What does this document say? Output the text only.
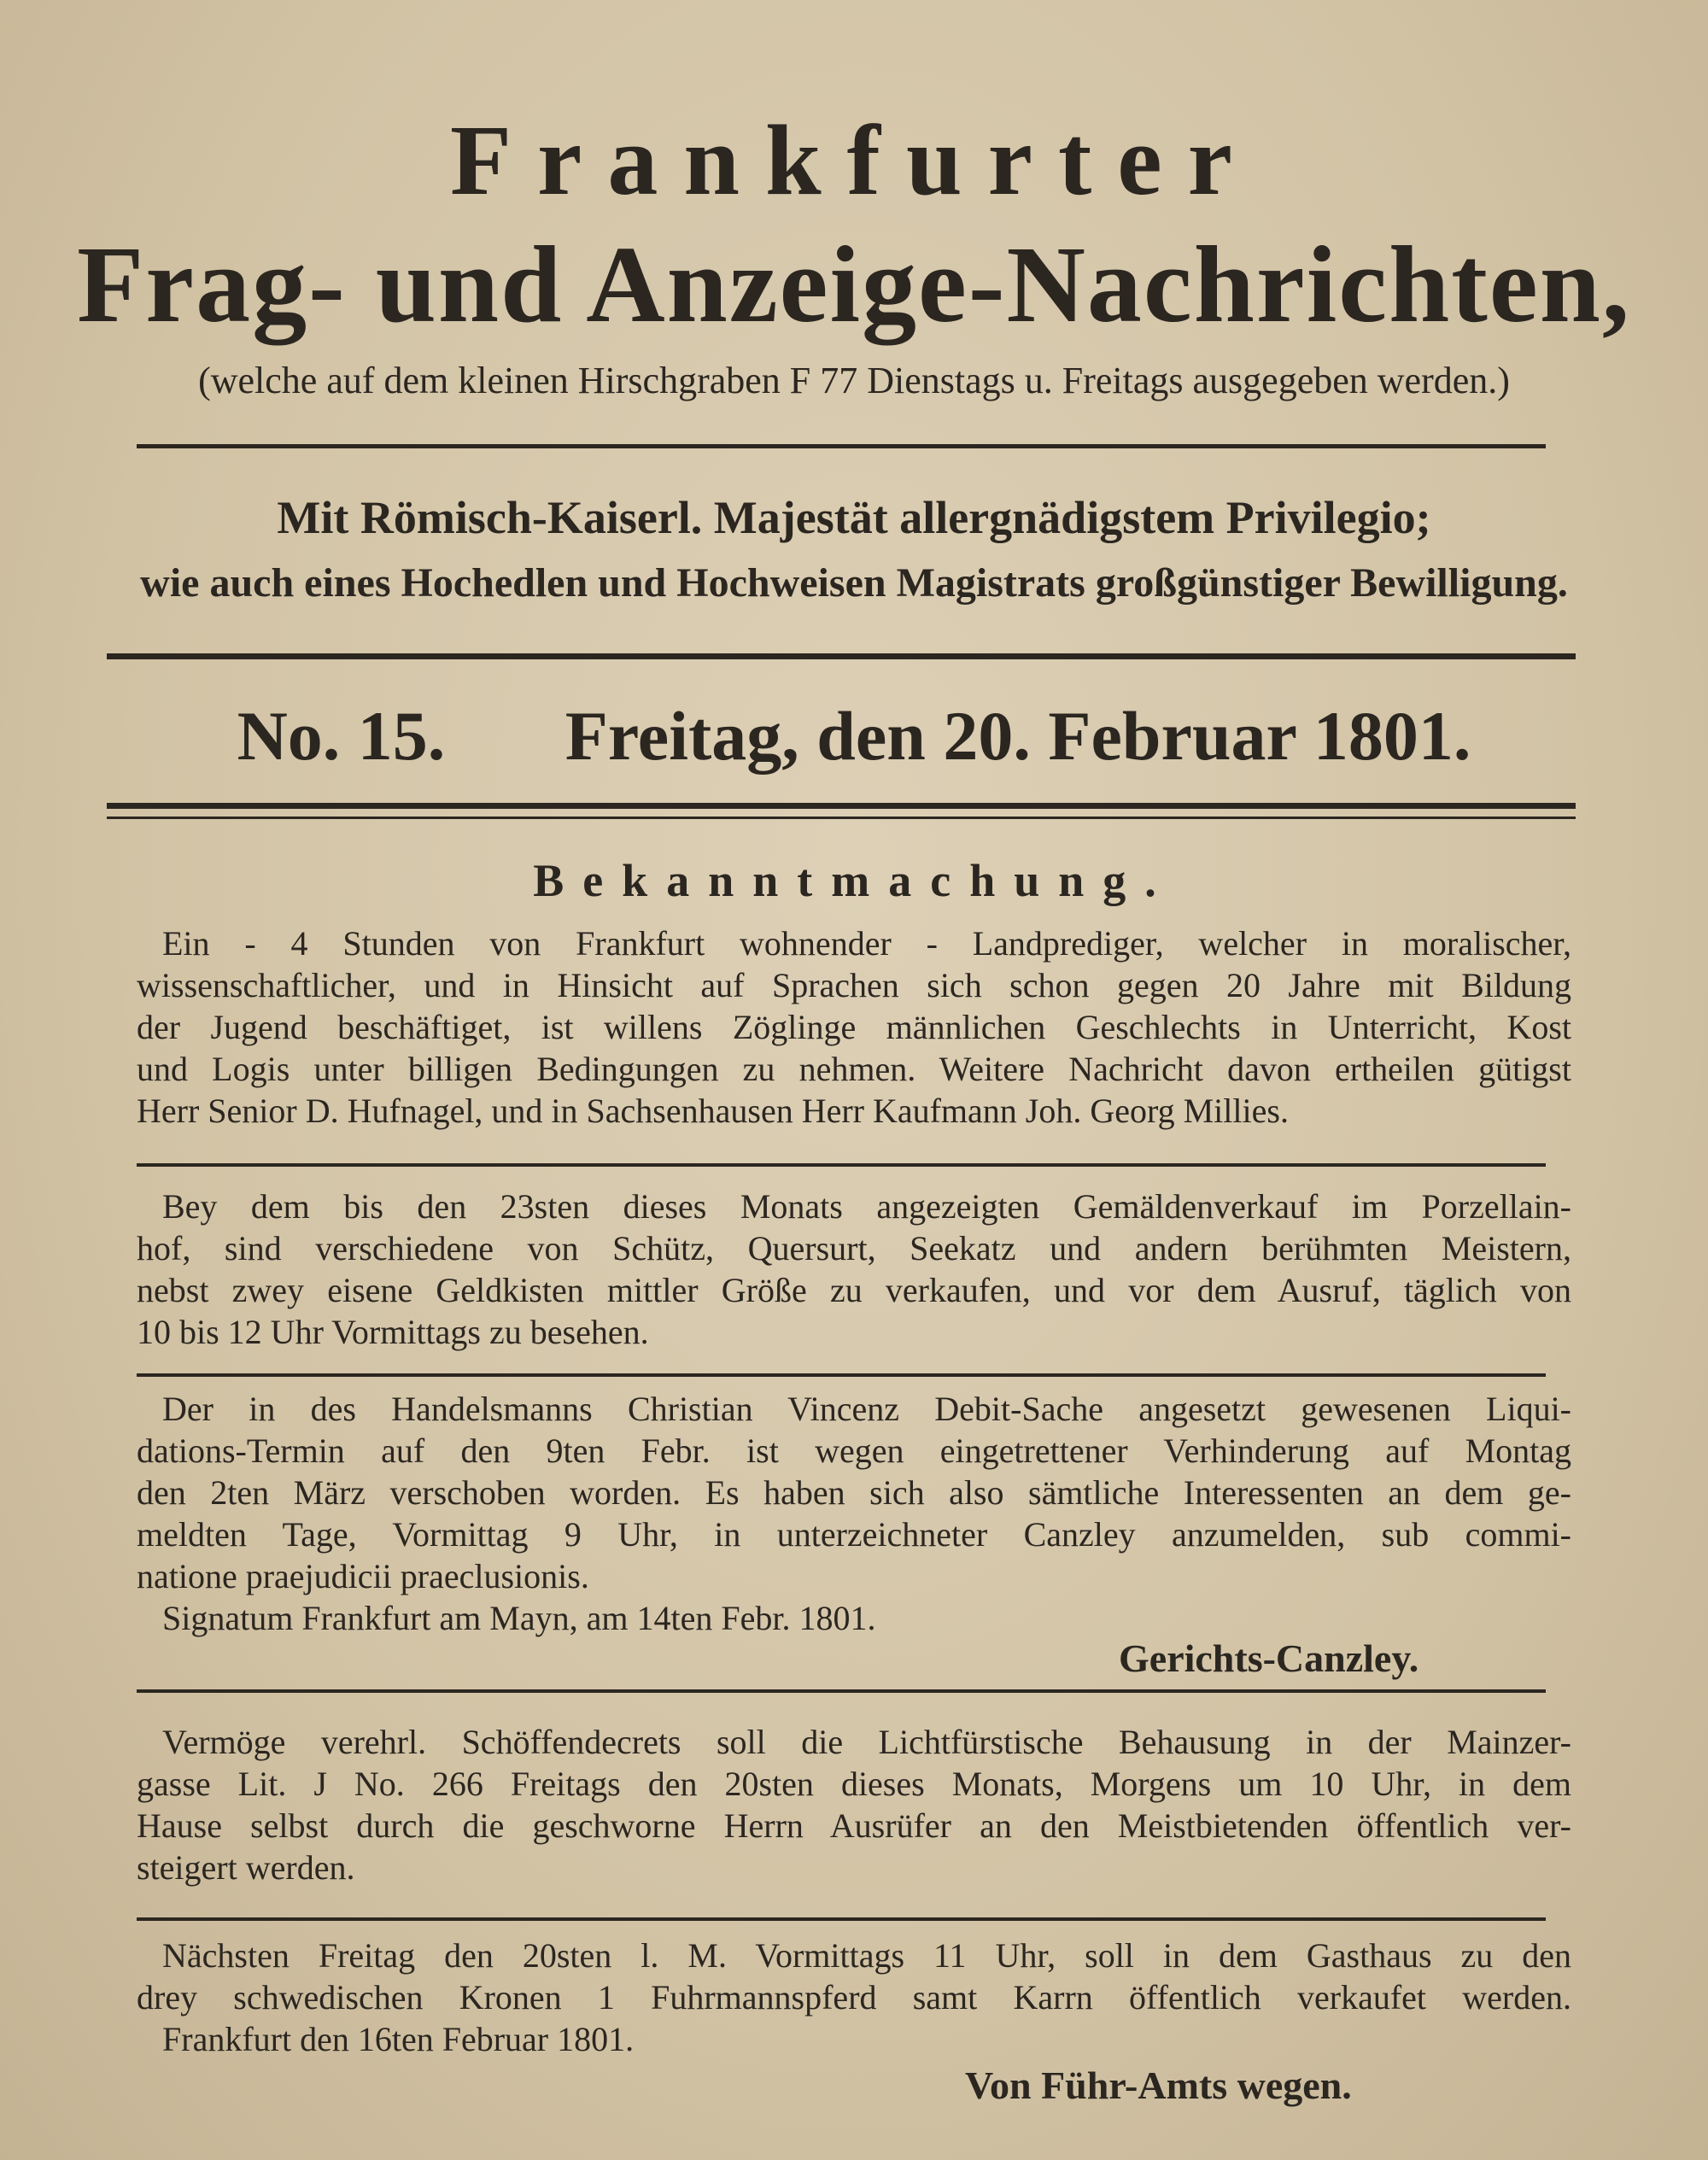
Frankfurter
Frag- und Anzeige-Nachrichten,
(welche auf dem kleinen Hirschgraben F 77 Dienstags u. Freitags ausgegeben werden.)
Mit Römisch-Kaiserl. Majestät allergnädigstem Privilegio;
wie auch eines Hochedlen und Hochweisen Magistrats großgünstiger Bewilligung.
No. 15. Freitag, den 20. Februar 1801.
Bekanntmachung.
Ein - 4 Stunden von Frankfurt wohnender - Landprediger, welcher in moralischer,
wissenschaftlicher, und in Hinsicht auf Sprachen sich schon gegen 20 Jahre mit Bildung
der Jugend beschäftiget, ist willens Zöglinge männlichen Geschlechts in Unterricht, Kost
und Logis unter billigen Bedingungen zu nehmen. Weitere Nachricht davon ertheilen gütigst
Herr Senior D. Hufnagel, und in Sachsenhausen Herr Kaufmann Joh. Georg Millies.
Bey dem bis den 23sten dieses Monats angezeigten Gemäldenverkauf im Porzellain-
hof, sind verschiedene von Schütz, Quersurt, Seekatz und andern berühmten Meistern,
nebst zwey eisene Geldkisten mittler Größe zu verkaufen, und vor dem Ausruf, täglich von
10 bis 12 Uhr Vormittags zu besehen.
Der in des Handelsmanns Christian Vincenz Debit-Sache angesetzt gewesenen Liqui-
dations-Termin auf den 9ten Febr. ist wegen eingetrettener Verhinderung auf Montag
den 2ten März verschoben worden. Es haben sich also sämtliche Interessenten an dem ge-
meldten Tage, Vormittag 9 Uhr, in unterzeichneter Canzley anzumelden, sub commi-
natione praejudicii praeclusionis.
Signatum Frankfurt am Mayn, am 14ten Febr. 1801.
Gerichts-Canzley.
Vermöge verehrl. Schöffendecrets soll die Lichtfürstische Behausung in der Mainzer-
gasse Lit. J No. 266 Freitags den 20sten dieses Monats, Morgens um 10 Uhr, in dem
Hause selbst durch die geschworne Herrn Ausrüfer an den Meistbietenden öffentlich ver-
steigert werden.
Nächsten Freitag den 20sten l. M. Vormittags 11 Uhr, soll in dem Gasthaus zu den
drey schwedischen Kronen 1 Fuhrmannspferd samt Karrn öffentlich verkaufet werden.
Frankfurt den 16ten Februar 1801.
Von Führ-Amts wegen.
